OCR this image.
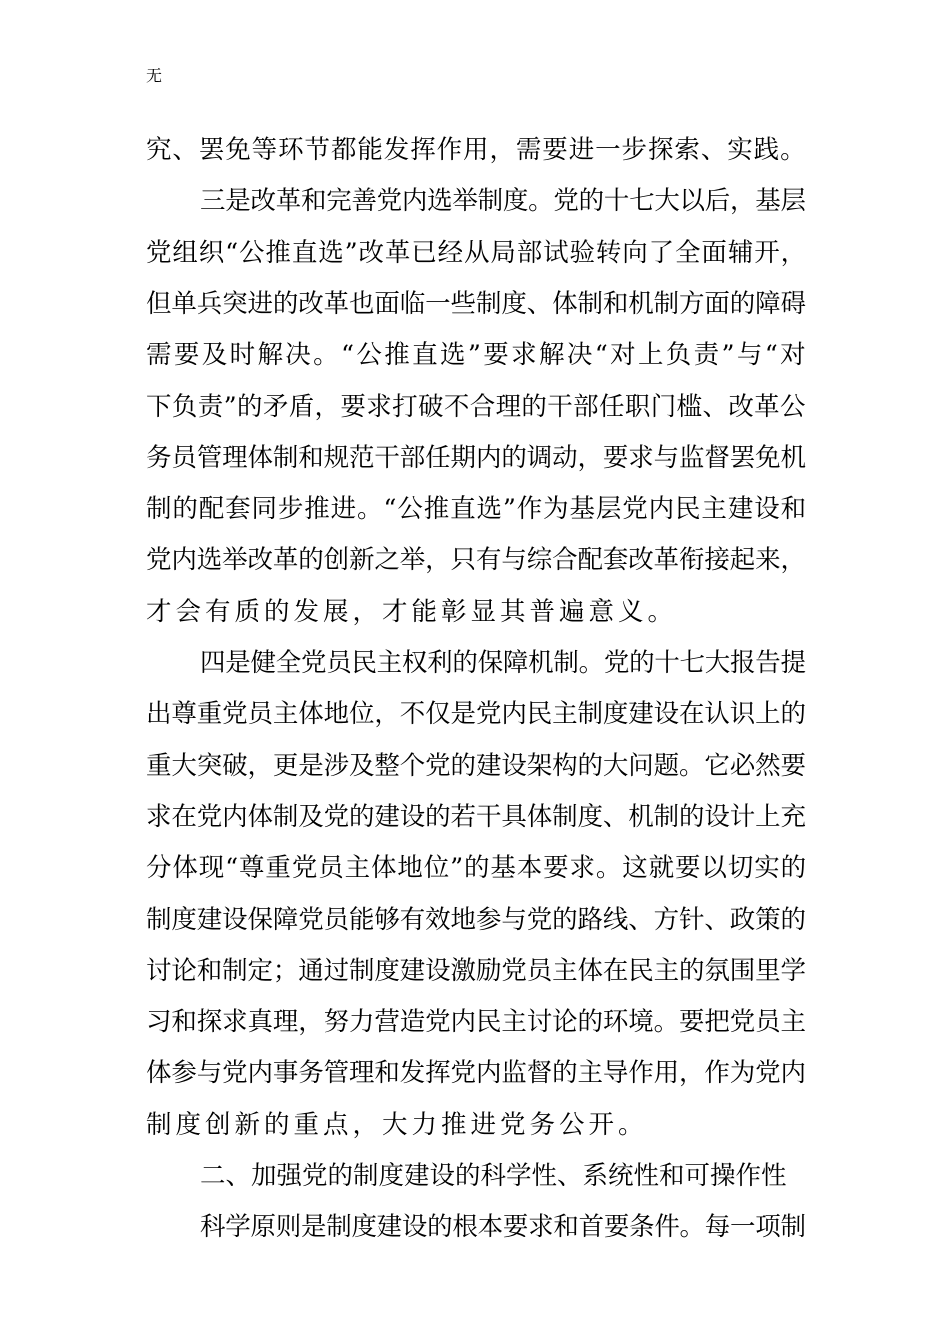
无
究、罢免等环节都能发挥作用，需要进一步探索、实践。
三是改革和完善党内选举制度。党的十七大以后，基层
党组织“公推直选”改革已经从局部试验转向了全面辅开，
但单兵突进的改革也面临一些制度、体制和机制方面的障碍
需要及时解决。“公推直选”要求解决“对上负责”与“对
下负责”的矛盾，要求打破不合理的干部任职门槛、改革公
务员管理体制和规范干部任期内的调动，要求与监督罢免机
制的配套同步推进。“公推直选”作为基层党内民主建设和
党内选举改革的创新之举，只有与综合配套改革衔接起来，
才会有质的发展，才能彰显其普遍意义。
四是健全党员民主权利的保障机制。党的十七大报告提
出尊重党员主体地位，不仅是党内民主制度建设在认识上的
重大突破，更是涉及整个党的建设架构的大问题。它必然要
求在党内体制及党的建设的若干具体制度、机制的设计上充
分体现“尊重党员主体地位”的基本要求。这就要以切实的
制度建设保障党员能够有效地参与党的路线、方针、政策的
讨论和制定；通过制度建设激励党员主体在民主的氛围里学
习和探求真理，努力营造党内民主讨论的环境。要把党员主
体参与党内事务管理和发挥党内监督的主导作用，作为党内
制度创新的重点，大力推进党务公开。
二、加强党的制度建设的科学性、系统性和可操作性
科学原则是制度建设的根本要求和首要条件。每一项制
